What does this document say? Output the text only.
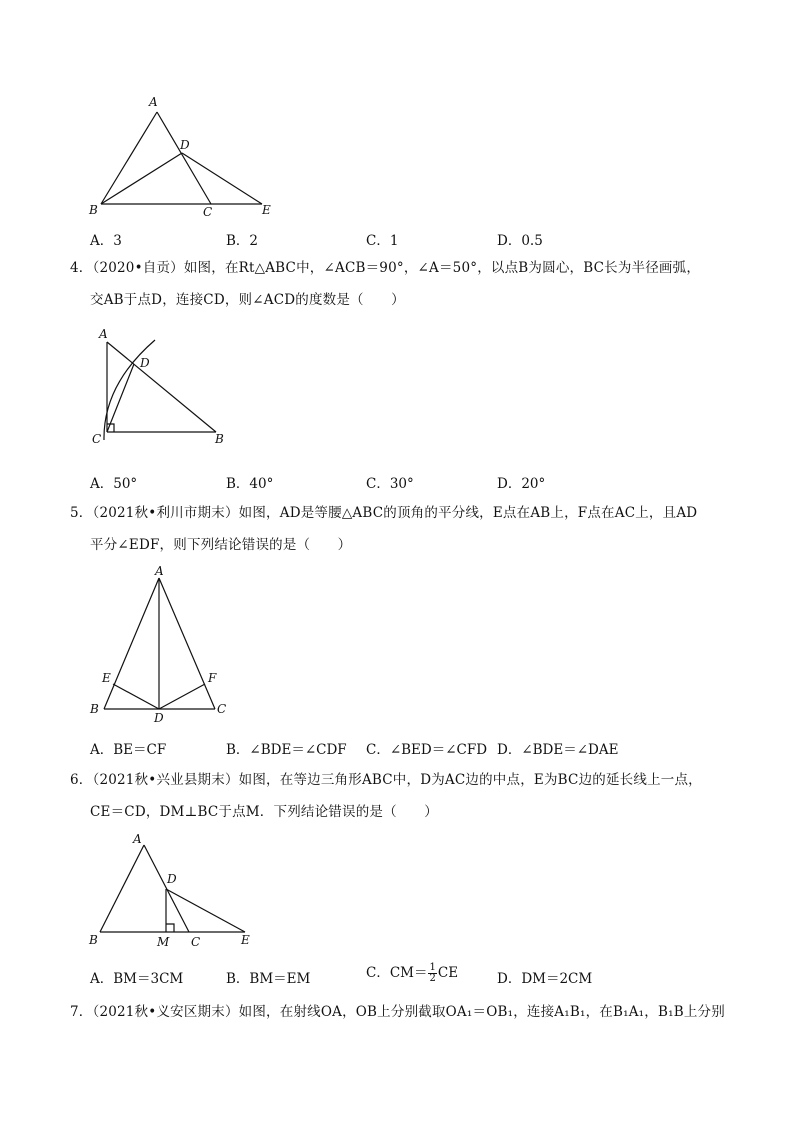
A
D
B	C	E
A．3	B．2	C．1	D．0.5
4．（2020•自贡）如图，在Rt△ABC中，∠ACB＝90°，∠A＝50°，以点B为圆心，BC长为半径画弧，
交AB于点D，连接CD，则∠ACD的度数是（　　）
A
D
C	B
A．50°	B．40°	C．30°	D．20°
5．（2021秋•利川市期末）如图，AD是等腰△ABC的顶角的平分线，E点在AB上，F点在AC上，且AD
平分∠EDF，则下列结论错误的是（　　）
A
E	F
B
D
C
A．BE＝CF	B．∠BDE＝∠CDF C．∠BED＝∠CFD D．∠BDE＝∠DAE
6．（2021秋•兴业县期末）如图，在等边三角形ABC中，D为AC边的中点，E为BC边的延长线上一点，
CE＝CD，DM⊥BC于点M．下列结论错误的是（　　）
A
D
B	M C	E
A．BM＝3CM	B．BM＝EM	C．$CM= \frac{1}{2}$ CE	D．DM＝2CM
7．（2021秋•义安区期末）如图，在射线OA，OB上分别截取OA₁＝OB₁，连接A₁B₁，在B₁A₁，B₁B上分别
